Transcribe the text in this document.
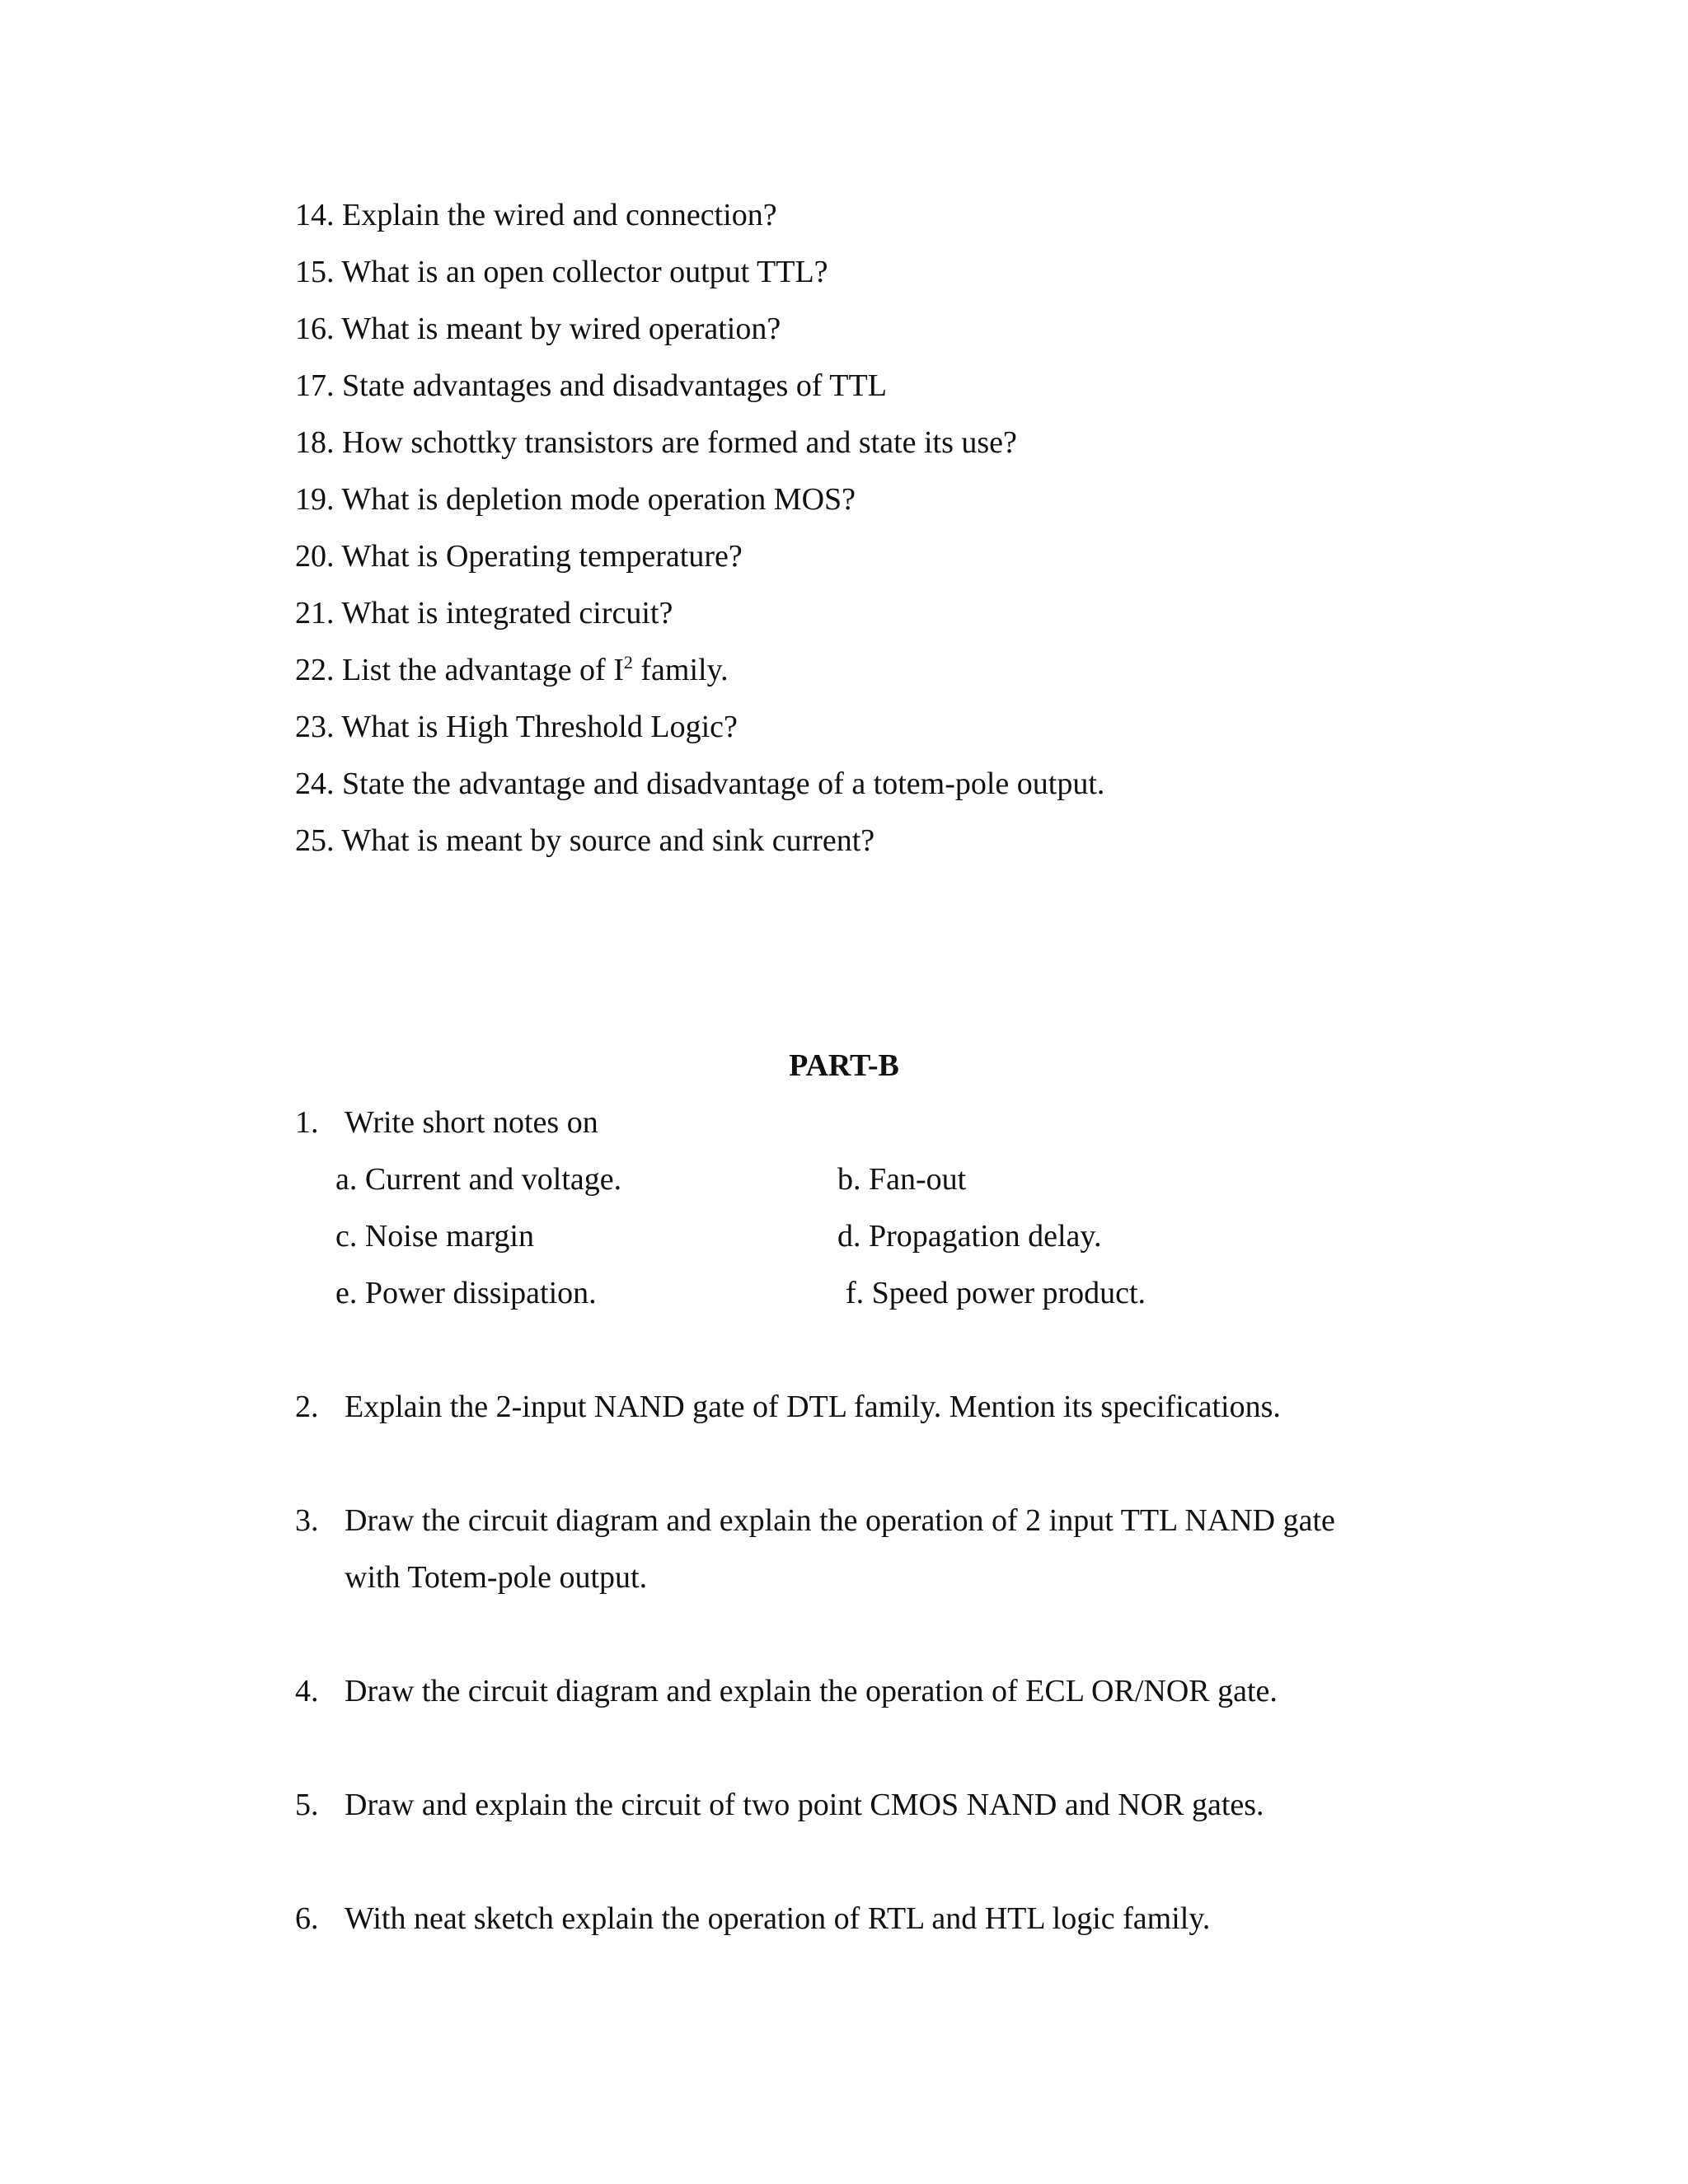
14. Explain the wired and connection?
15. What is an open collector output TTL?
16. What is meant by wired operation?
17. State advantages and disadvantages of TTL
18. How schottky transistors are formed and state its use?
19. What is depletion mode operation MOS?
20. What is Operating temperature?
21. What is integrated circuit?
22. List the advantage of $I^2$ family.
23. What is High Threshold Logic?
24. State the advantage and disadvantage of a totem-pole output.
25. What is meant by source and sink current?
PART-B
1. Write short notes on
a. Current and voltage.	b. Fan-out
c. Noise margin	d. Propagation delay.
e. Power dissipation.	f. Speed power product.
2. Explain the 2-input NAND gate of DTL family. Mention its specifications.
3. Draw the circuit diagram and explain the operation of 2 input TTL NAND gate
with Totem-pole output.
4. Draw the circuit diagram and explain the operation of ECL OR/NOR gate.
5. Draw and explain the circuit of two point CMOS NAND and NOR gates.
6. With neat sketch explain the operation of RTL and HTL logic family.
